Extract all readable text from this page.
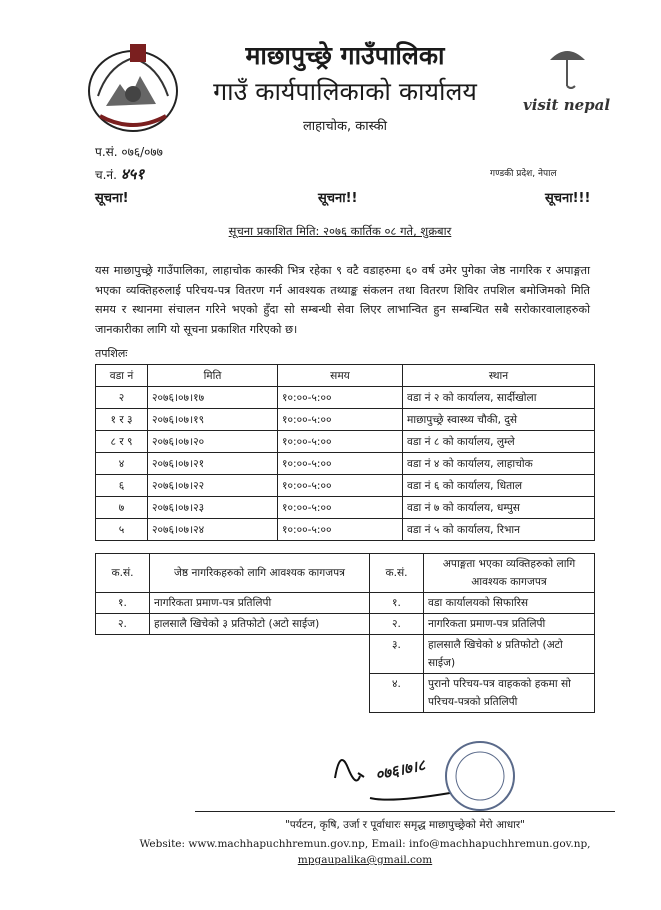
माछापुच्छ्रे गाउँपालिका
गाउँ कार्यपालिकाको कार्यालय
लाहाचोक, कास्की
visit nepal
प.सं. ०७६/०७७
च.नं. ४५१	गण्डकी प्रदेश, नेपाल
सूचना!	सूचना!!	सूचना!!!
सूचना प्रकाशित मिति: २०७६ कार्तिक ०८ गते, शुक्रबार
यस माछापुच्छ्रे गाउँपालिका, लाहाचोक कास्की भित्र रहेका ९ वटै वडाहरुमा ६० वर्ष उमेर पुगेका जेष्ठ नागरिक र अपाङ्गता भएका व्यक्तिहरुलाई परिचय-पत्र वितरण गर्न आवश्यक तथ्याङ्क संकलन तथा वितरण शिविर तपशिल बमोजिमको मिति समय र स्थानमा संचालन गरिने भएको हुँदा सो सम्बन्धी सेवा लिएर लाभान्वित हुन सम्बन्धित सबै सरोकारवालाहरुको जानकारीका लागि यो सूचना प्रकाशित गरिएको छ।
तपशिलः
वडा नं	मिति	समय	स्थान
२	२०७६।०७।१७	१०:००-५:००	वडा नं २ को कार्यालय, सार्दीखोला
१ र ३	२०७६।०७।१९	१०:००-५:००	माछापुच्छ्रे स्वास्थ्य चौकी, दुसे
८ र ९	२०७६।०७।२०	१०:००-५:००	वडा नं ८ को कार्यालय, लुम्ले
४	२०७६।०७।२१	१०:००-५:००	वडा नं ४ को कार्यालय, लाहाचोक
६	२०७६।०७।२२	१०:००-५:००	वडा नं ६ को कार्यालय, धिताल
७	२०७६।०७।२३	१०:००-५:००	वडा नं ७ को कार्यालय, धम्पुस
५	२०७६।०७।२४	१०:००-५:००	वडा नं ५ को कार्यालय, रिभान
क.सं.	जेष्ठ नागरिकहरुको लागि आवश्यक कागजपत्र	क.सं.	अपाङ्गता भएका व्यक्तिहरुको लागि आवश्यक कागजपत्र
१.	नागरिकता प्रमाण-पत्र प्रतिलिपी	१.	वडा कार्यालयको सिफारिस
२.	हालसालै खिचेको ३ प्रतिफोटो (अटो साईज)	२.	नागरिकता प्रमाण-पत्र प्रतिलिपी
		३.	हालसालै खिचेको ४ प्रतिफोटो (अटो साईज)
		४.	पुरानो परिचय-पत्र वाहकको हकमा सो परिचय-पत्रको प्रतिलिपी
०७६।७।८
"पर्यटन, कृषि, उर्जा र पूर्वाधारः समृद्ध माछापुच्छ्रेको मेरो आधार"
Website: www.machhapuchhremun.gov.np, Email: info@machhapuchhremun.gov.np,
mpgaupalika@gmail.com
